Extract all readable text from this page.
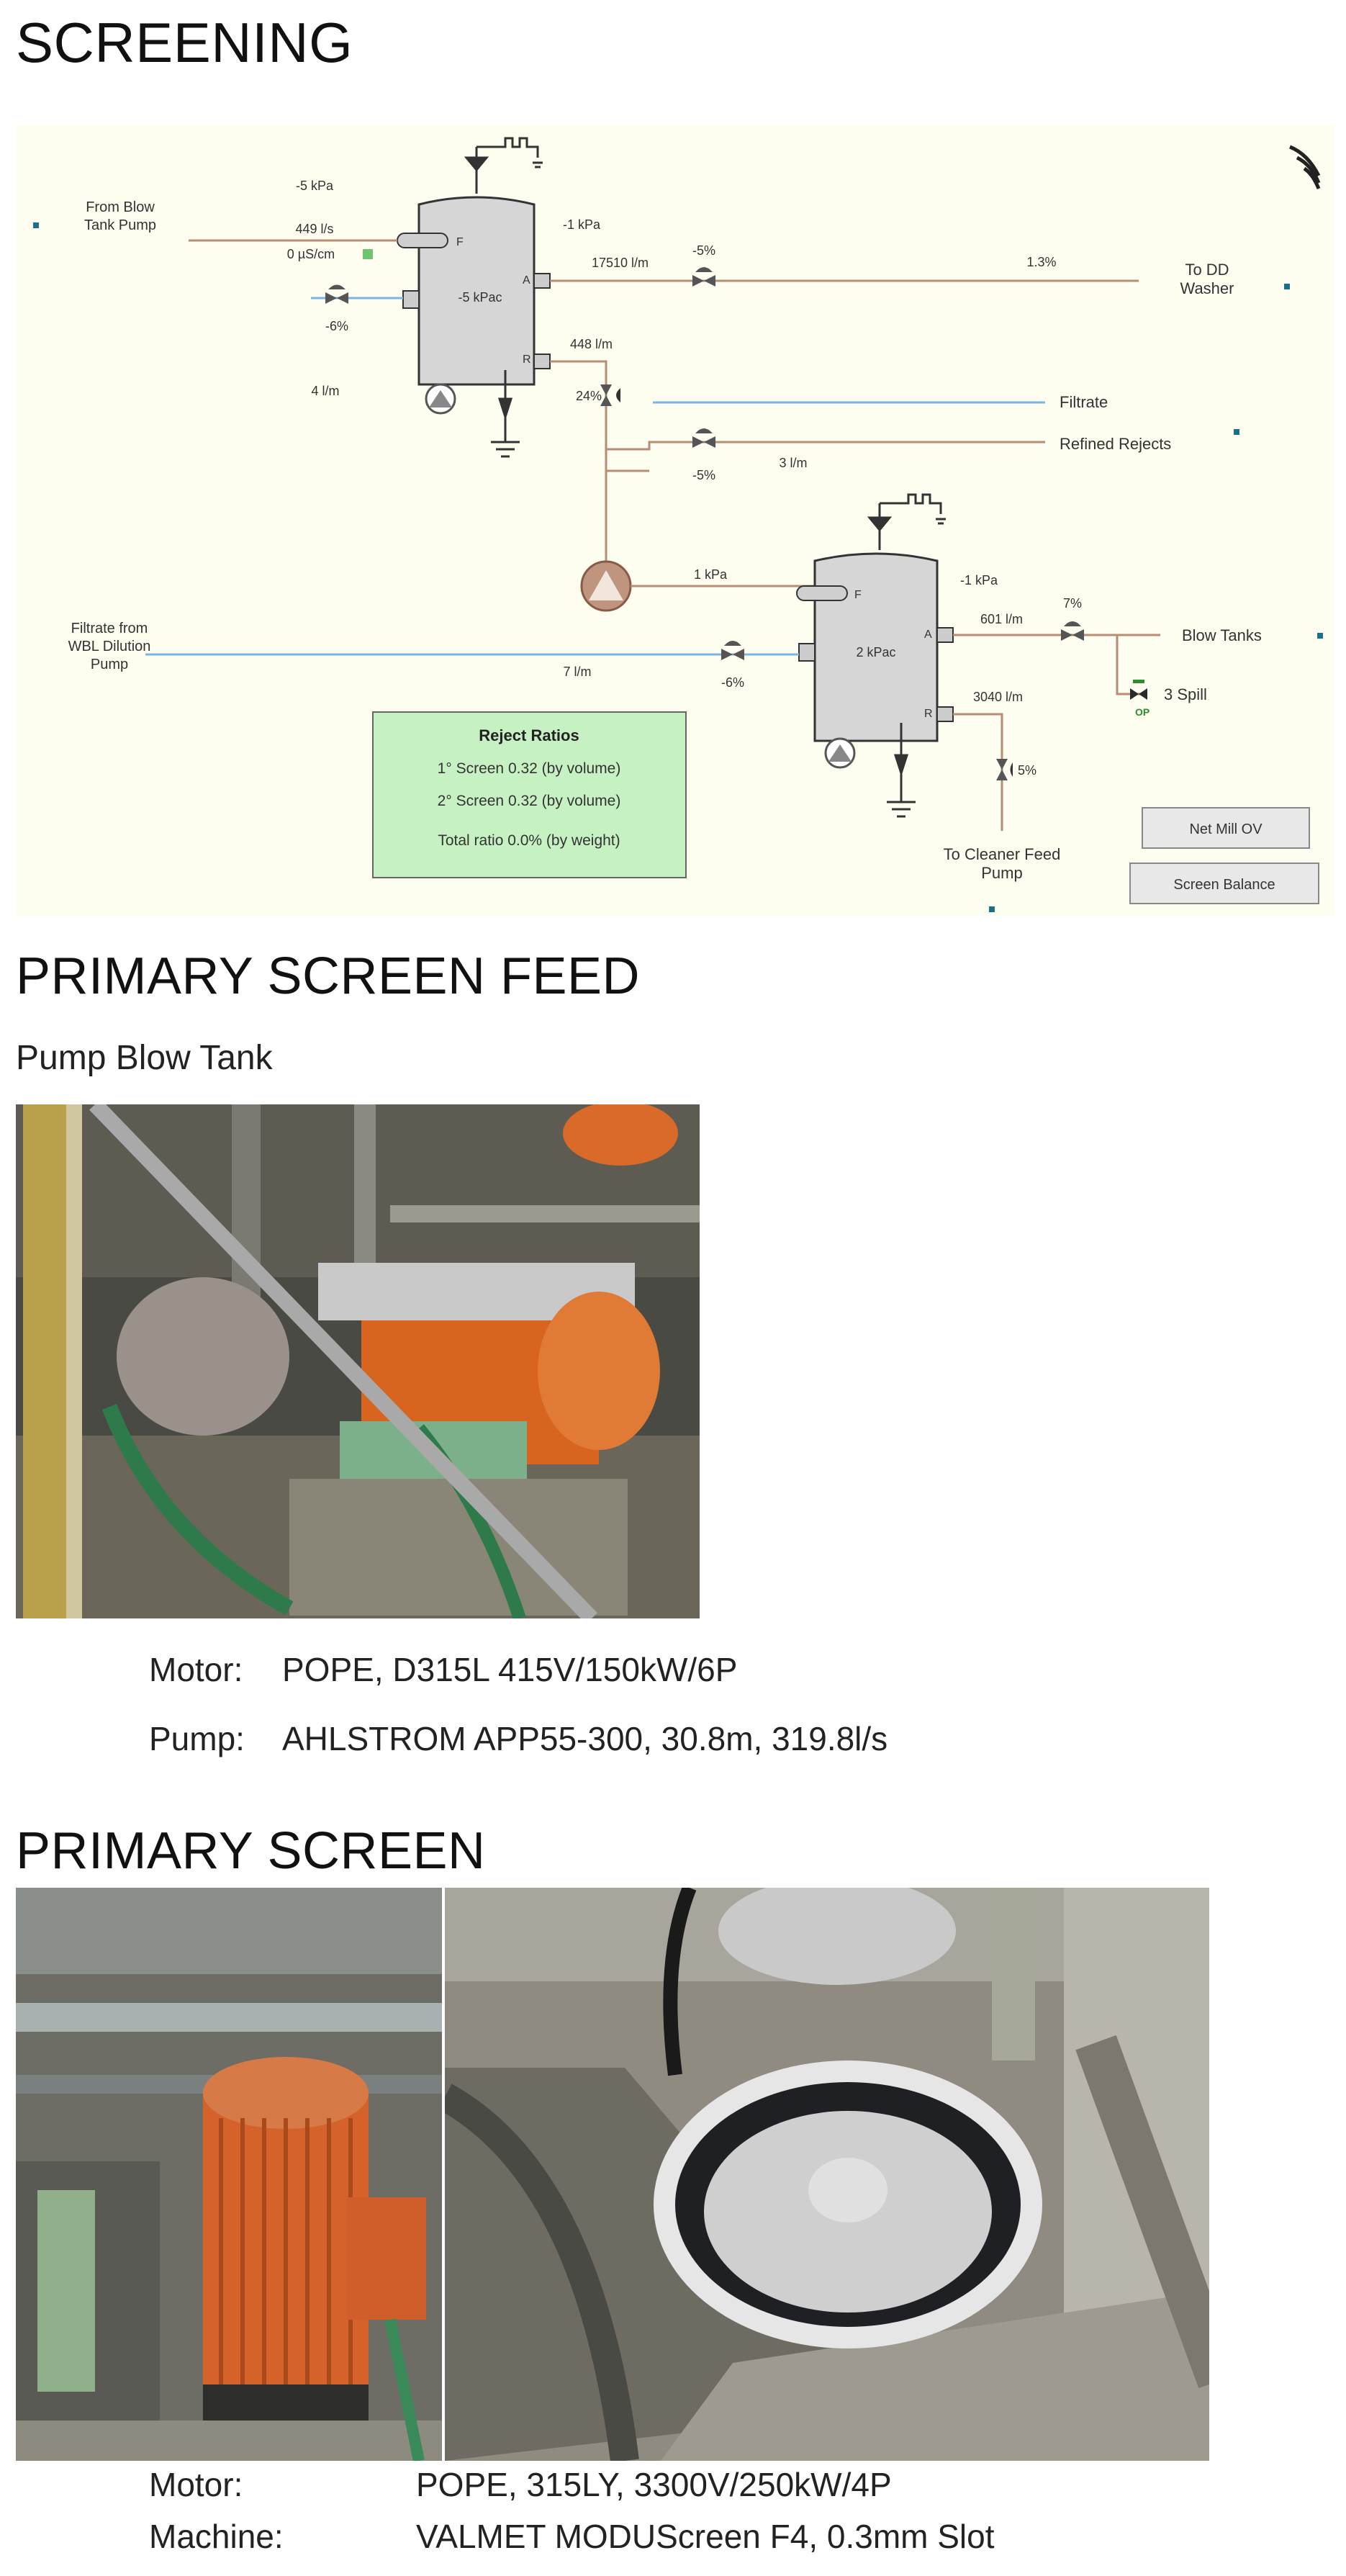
SCREENING
F
-5 kPac
A
R
From Blow
Tank Pump
-5 kPa
449 l/s
0 µS/cm
-6%
4 l/m
-1 kPa
17510 l/m
-5%
1.3%	To DD
Washer
448 l/m
24%	Filtrate
-5%
3 l/m
Refined Rejects
1 kPa
F
2 kPac
A
R
-1 kPa
Filtrate from
WBL Dilution
Pump	7 l/m
-6%
601 l/m
7%
Blow Tanks
3 Spill
OP
3040 l/m
5%
To Cleaner Feed
Pump
Reject Ratios
1° Screen 0.32 (by volume)
2° Screen 0.32 (by volume)
Total ratio 0.0% (by weight)
Net Mill OV
Screen Balance
PRIMARY SCREEN FEED
Pump Blow Tank
Motor: POPE, D315L 415V/150kW/6P
Pump: AHLSTROM APP55-300, 30.8m, 319.8l/s
PRIMARY SCREEN
Motor:	POPE, 315LY, 3300V/250kW/4P
Machine:	VALMET MODUScreen F4, 0.3mm Slot
